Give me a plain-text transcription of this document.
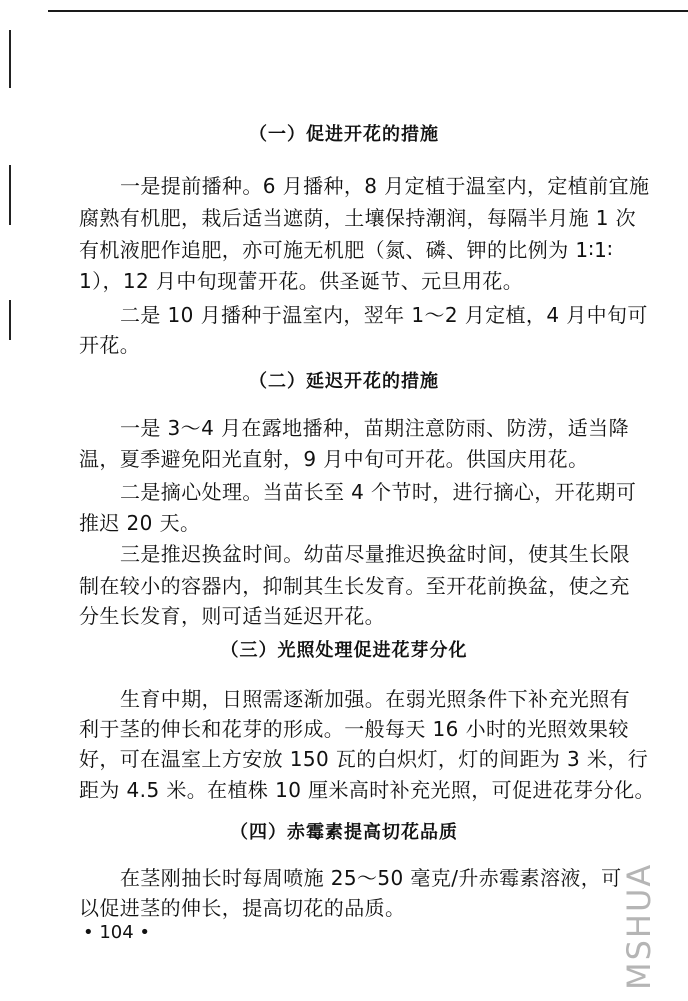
（一）促进开花的措施
一是提前播种。6 月播种，8 月定植于温室内，定植前宜施
腐熟有机肥，栽后适当遮荫，土壤保持潮润，每隔半月施 1 次
有机液肥作追肥，亦可施无机肥（氮、磷、钾的比例为 1∶1∶
1），12 月中旬现蕾开花。供圣诞节、元旦用花。
二是 10 月播种于温室内，翌年 1～2 月定植，4 月中旬可
开花。
（二）延迟开花的措施
一是 3～4 月在露地播种，苗期注意防雨、防涝，适当降
温，夏季避免阳光直射，9 月中旬可开花。供国庆用花。
二是摘心处理。当苗长至 4 个节时，进行摘心，开花期可
推迟 20 天。
三是推迟换盆时间。幼苗尽量推迟换盆时间，使其生长限
制在较小的容器内，抑制其生长发育。至开花前换盆，使之充
分生长发育，则可适当延迟开花。
（三）光照处理促进花芽分化
生育中期，日照需逐渐加强。在弱光照条件下补充光照有
利于茎的伸长和花芽的形成。一般每天 16 小时的光照效果较
好，可在温室上方安放 150 瓦的白炽灯，灯的间距为 3 米，行
距为 4.5 米。在植株 10 厘米高时补充光照，可促进花芽分化。
（四）赤霉素提高切花品质
在茎刚抽长时每周喷施 25～50 毫克/升赤霉素溶液，可
以促进茎的伸长，提高切花的品质。
• 104 •	MSHUA
